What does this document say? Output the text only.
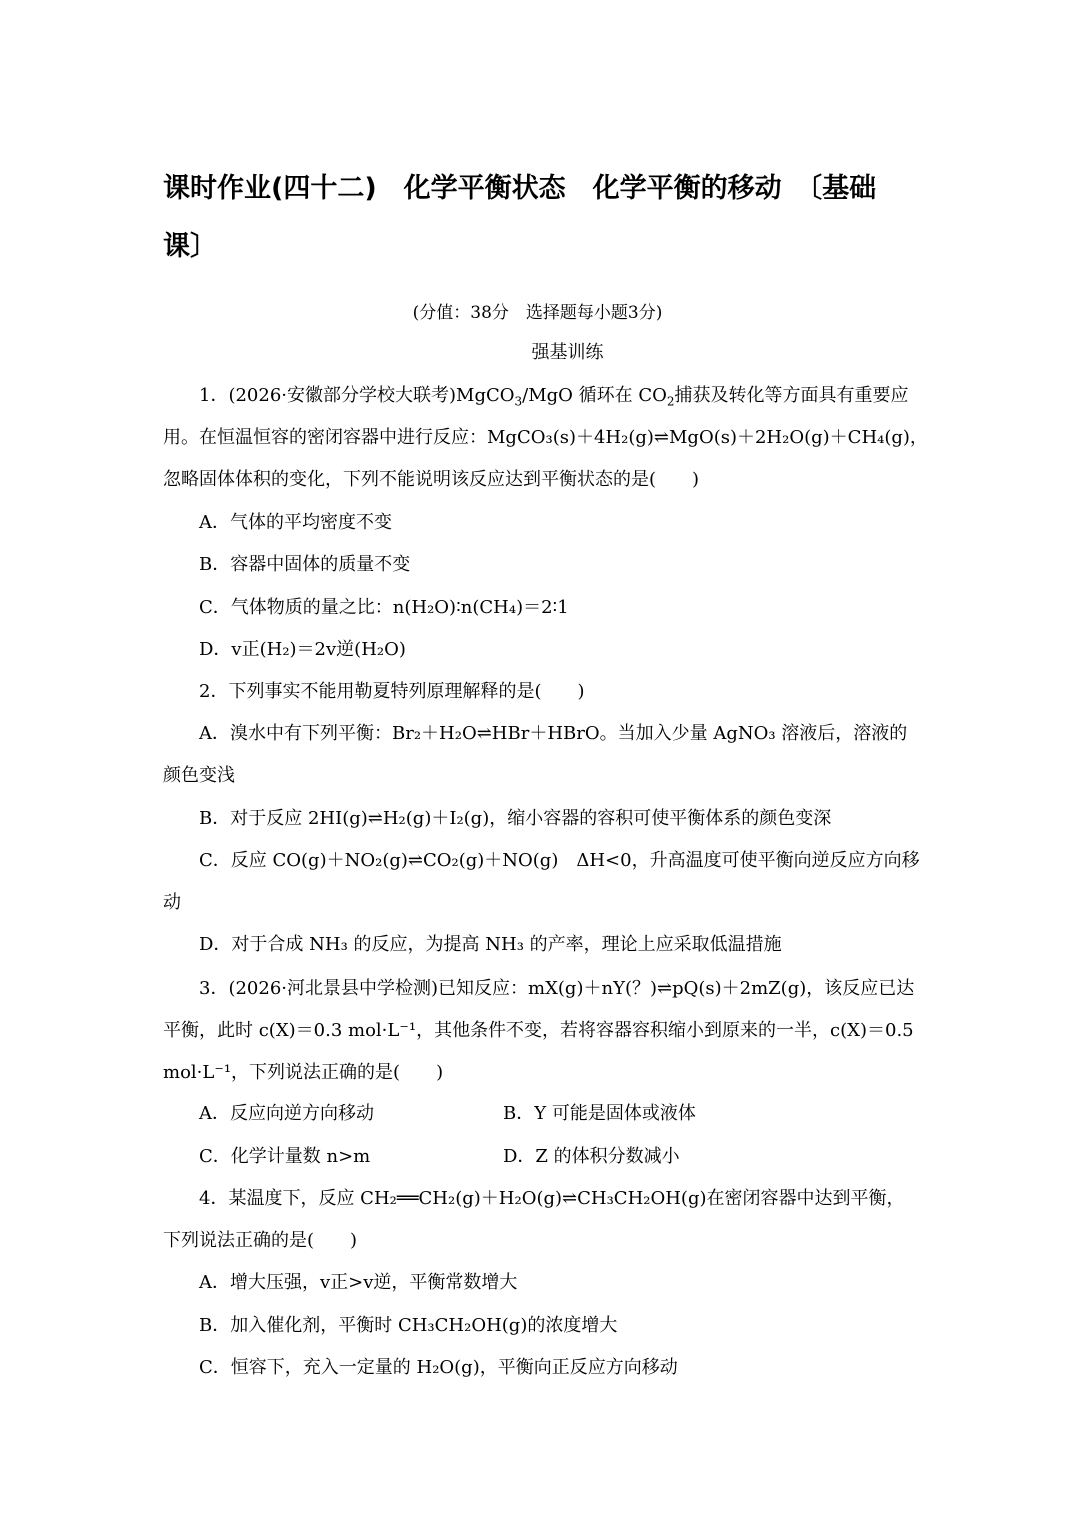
课时作业(四十二)　化学平衡状态　化学平衡的移动　〔基础
课〕
(分值：38分　选择题每小题3分)
强基训练
1．(2026·安徽部分学校大联考)MgCO$_3$/MgO 循环在 $CO_2$捕获及转化等方面具有重要应
用。在恒温恒容的密闭容器中进行反应：MgCO₃(s)＋4H₂(g)⇌MgO(s)＋2H₂O(g)＋CH₄(g)，
忽略固体体积的变化，下列不能说明该反应达到平衡状态的是(　　)
A．气体的平均密度不变
B．容器中固体的质量不变
C．气体物质的量之比：n(H₂O)∶n(CH₄)＝2∶1
D．v正(H₂)＝2v逆(H₂O)
2．下列事实不能用勒夏特列原理解释的是(　　)
A．溴水中有下列平衡：Br₂＋H₂O⇌HBr＋HBrO。当加入少量 AgNO₃ 溶液后，溶液的
颜色变浅
B．对于反应 2HI(g)⇌H₂(g)＋I₂(g)，缩小容器的容积可使平衡体系的颜色变深
C．反应 CO(g)＋NO₂(g)⇌CO₂(g)＋NO(g)　ΔH<0，升高温度可使平衡向逆反应方向移
动
D．对于合成 NH₃ 的反应，为提高 NH₃ 的产率，理论上应采取低温措施
3．(2026·河北景县中学检测)已知反应：mX(g)＋nY(？)⇌pQ(s)＋2mZ(g)，该反应已达
平衡，此时 c(X)＝0.3 mol·L⁻¹，其他条件不变，若将容器容积缩小到原来的一半，c(X)＝0.5
mol·L⁻¹，下列说法正确的是(　　)
A．反应向逆方向移动	B．Y 可能是固体或液体
C．化学计量数 n>m	D．Z 的体积分数减小
4．某温度下，反应 CH₂══CH₂(g)＋H₂O(g)⇌CH₃CH₂OH(g)在密闭容器中达到平衡，
下列说法正确的是(　　)
A．增大压强，v正>v逆，平衡常数增大
B．加入催化剂，平衡时 CH₃CH₂OH(g)的浓度增大
C．恒容下，充入一定量的 H₂O(g)，平衡向正反应方向移动
